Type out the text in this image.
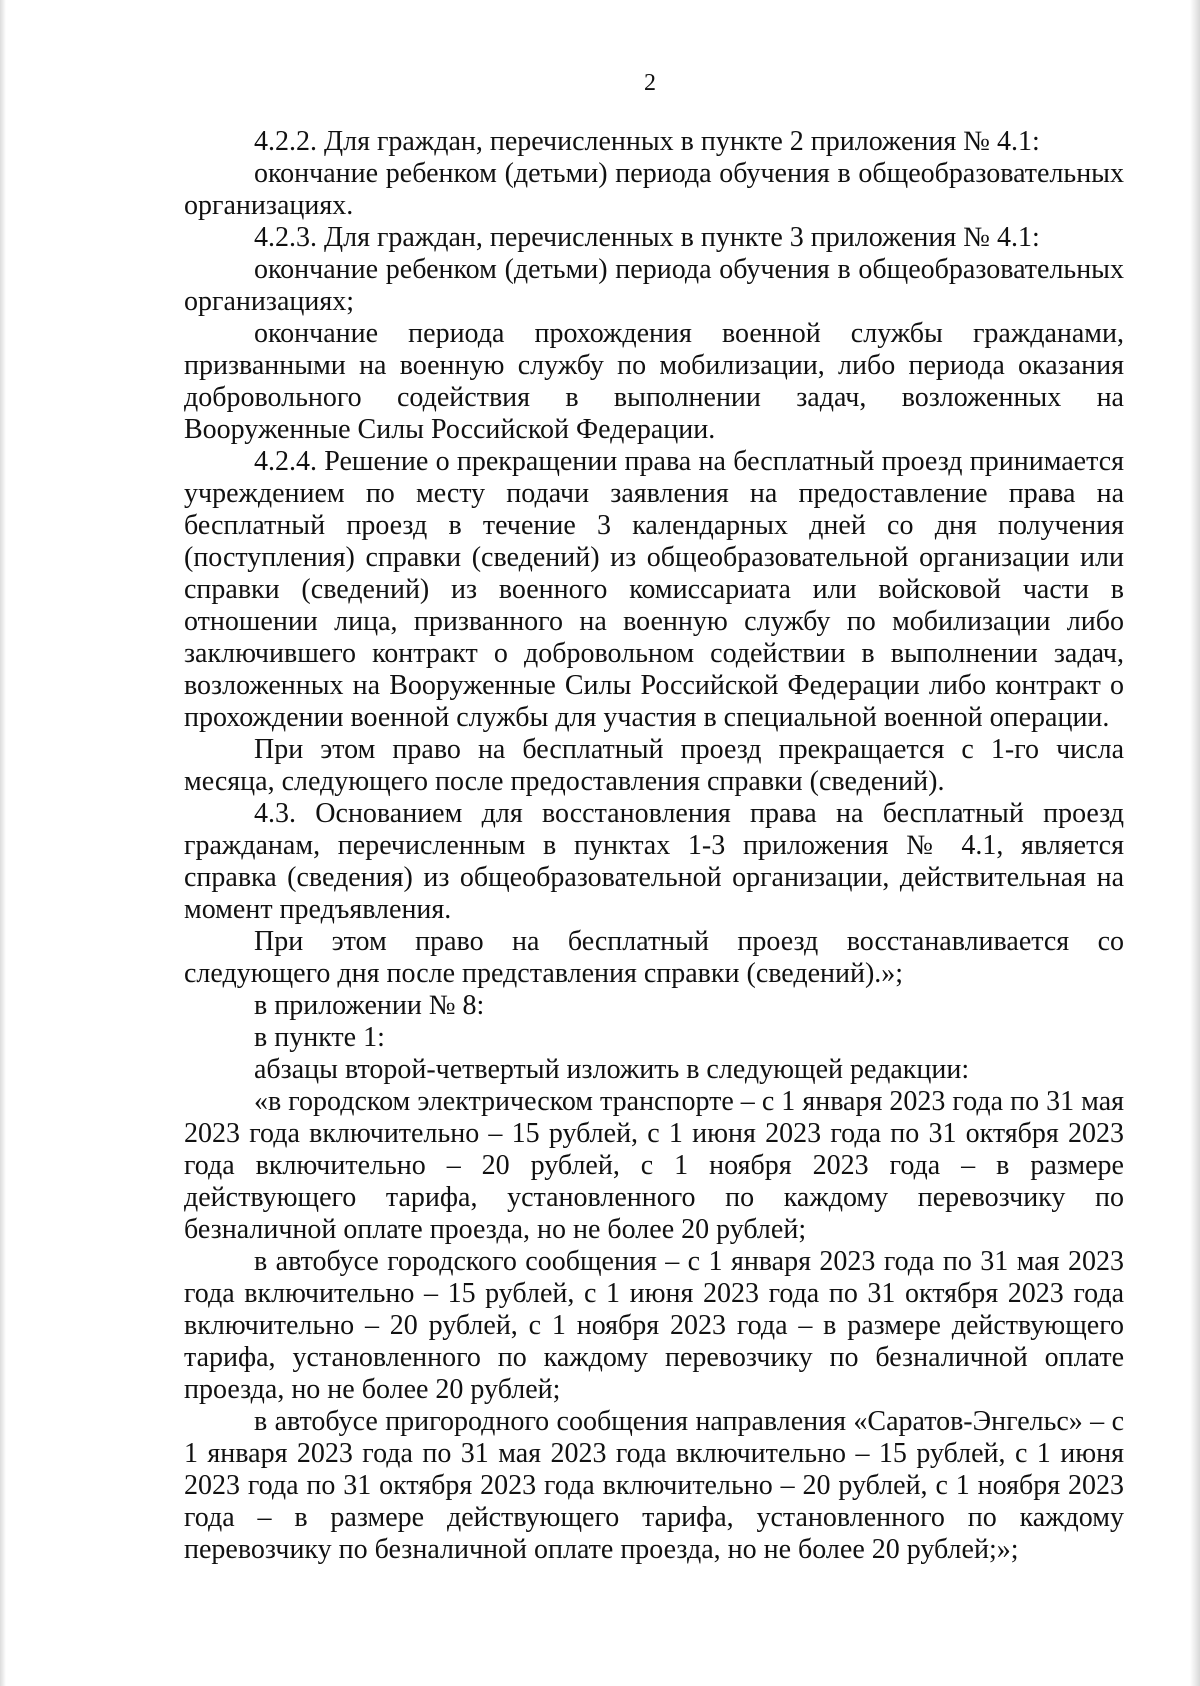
2

4.2.2. Для граждан, перечисленных в пункте 2 приложения № 4.1:

окончание ребенком (детьми) периода обучения в общеобразовательных организациях.

4.2.3. Для граждан, перечисленных в пункте 3 приложения № 4.1:

окончание ребенком (детьми) периода обучения в общеобразовательных организациях;

окончание периода прохождения военной службы гражданами, призванными на военную службу по мобилизации, либо периода оказания добровольного содействия в выполнении задач, возложенных на Вооруженные Силы Российской Федерации.

4.2.4. Решение о прекращении права на бесплатный проезд принимается учреждением по месту подачи заявления на предоставление права на бесплатный проезд в течение 3 календарных дней со дня получения (поступления) справки (сведений) из общеобразовательной организации или справки (сведений) из военного комиссариата или войсковой части в отношении лица, призванного на военную службу по мобилизации либо заключившего контракт о добровольном содействии в выполнении задач, возложенных на Вооруженные Силы Российской Федерации либо контракт о прохождении военной службы для участия в специальной военной операции.

При этом право на бесплатный проезд прекращается с 1-го числа месяца, следующего после предоставления справки (сведений).

4.3. Основанием для восстановления права на бесплатный проезд гражданам, перечисленным в пунктах 1-3 приложения № 4.1, является справка (сведения) из общеобразовательной организации, действительная на момент предъявления.

При этом право на бесплатный проезд восстанавливается со следующего дня после представления справки (сведений).»;

в приложении № 8:

в пункте 1:

абзацы второй-четвертый изложить в следующей редакции:

«в городском электрическом транспорте – с 1 января 2023 года по 31 мая 2023 года включительно – 15 рублей, с 1 июня 2023 года по 31 октября 2023 года включительно – 20 рублей, с 1 ноября 2023 года – в размере действующего тарифа, установленного по каждому перевозчику по безналичной оплате проезда, но не более 20 рублей;

в автобусе городского сообщения – с 1 января 2023 года по 31 мая 2023 года включительно – 15 рублей, с 1 июня 2023 года по 31 октября 2023 года включительно – 20 рублей, с 1 ноября 2023 года – в размере действующего тарифа, установленного по каждому перевозчику по безналичной оплате проезда, но не более 20 рублей;

в автобусе пригородного сообщения направления «Саратов-Энгельс» – с 1 января 2023 года по 31 мая 2023 года включительно – 15 рублей, с 1 июня 2023 года по 31 октября 2023 года включительно – 20 рублей, с 1 ноября 2023 года – в размере действующего тарифа, установленного по каждому перевозчику по безналичной оплате проезда, но не более 20 рублей;»;
